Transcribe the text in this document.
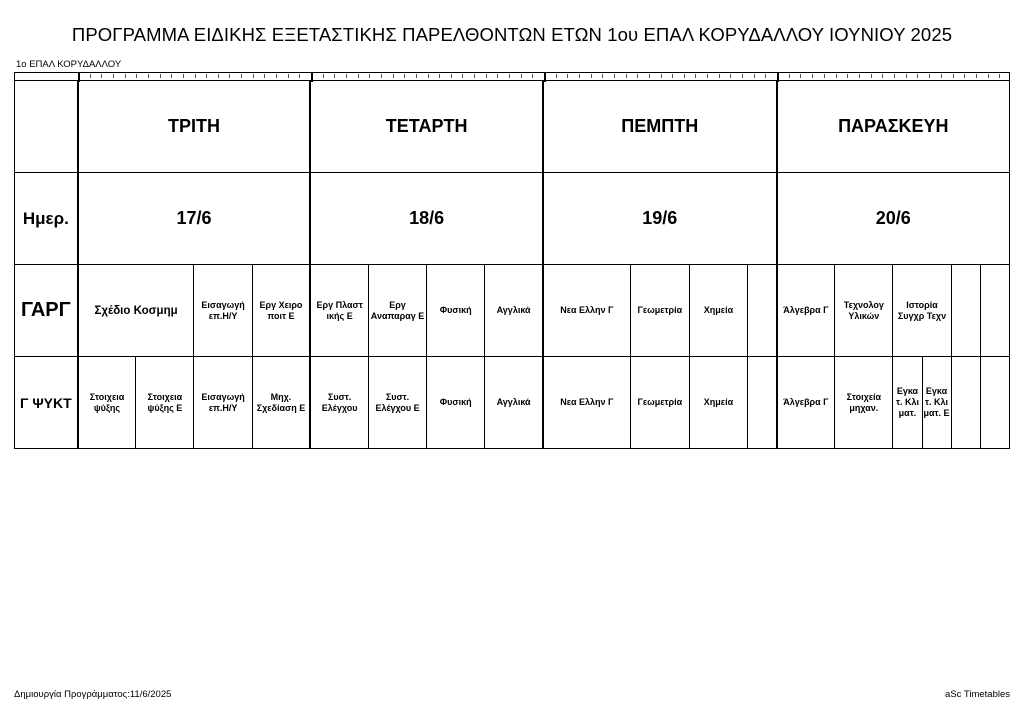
ΠΡΟΓΡΑΜΜΑ ΕΙΔΙΚΗΣ ΕΞΕΤΑΣΤΙΚΗΣ ΠΑΡΕΛΘΟΝΤΩΝ ΕΤΩΝ 1ου ΕΠΑΛ ΚΟΡΥΔΑΛΛΟΥ ΙΟΥΝΙΟΥ 2025
1ο ΕΠΑΛ ΚΟΡΥΔΑΛΛΟΥ
	ΤΡΙΤΗ				ΤΕΤΑΡΤΗ				ΠΕΜΠΤΗ				ΠΑΡΑΣΚΕΥΗ					
Ημερ.	17/6				18/6				19/6				20/6					
ΓΑΡΓ	Σχέδιο Κοσμημ		Εισαγωγή επ.Η/Υ	Εργ Χειρο ποιτ Ε	Εργ Πλαστ ικής Ε	Εργ Αναπαραγ Ε	Φυσική	Αγγλικά	Νεα Ελλην Γ	Γεωμετρία	Χημεία		Άλγεβρα Γ	Τεχνολογ Υλικών	Ιστορία Συγχρ Τεχν			
Γ ΨΥΚΤ	Στοιχεια ψύξης	Στοιχεια ψύξης Ε	Εισαγωγή επ.Η/Υ	Μηχ. Σχεδίαση Ε	Συστ. Ελέγχου	Συστ. Ελέγχου Ε	Φυσική	Αγγλικά	Νεα Ελλην Γ	Γεωμετρία	Χημεία		Άλγεβρα Γ	Στοιχεία μηχαν.	Εγκα τ. Κλι ματ.	Εγκα τ. Κλι ματ. Ε		
Δημιουργία Προγράμματος:11/6/2025	aSc Timetables
